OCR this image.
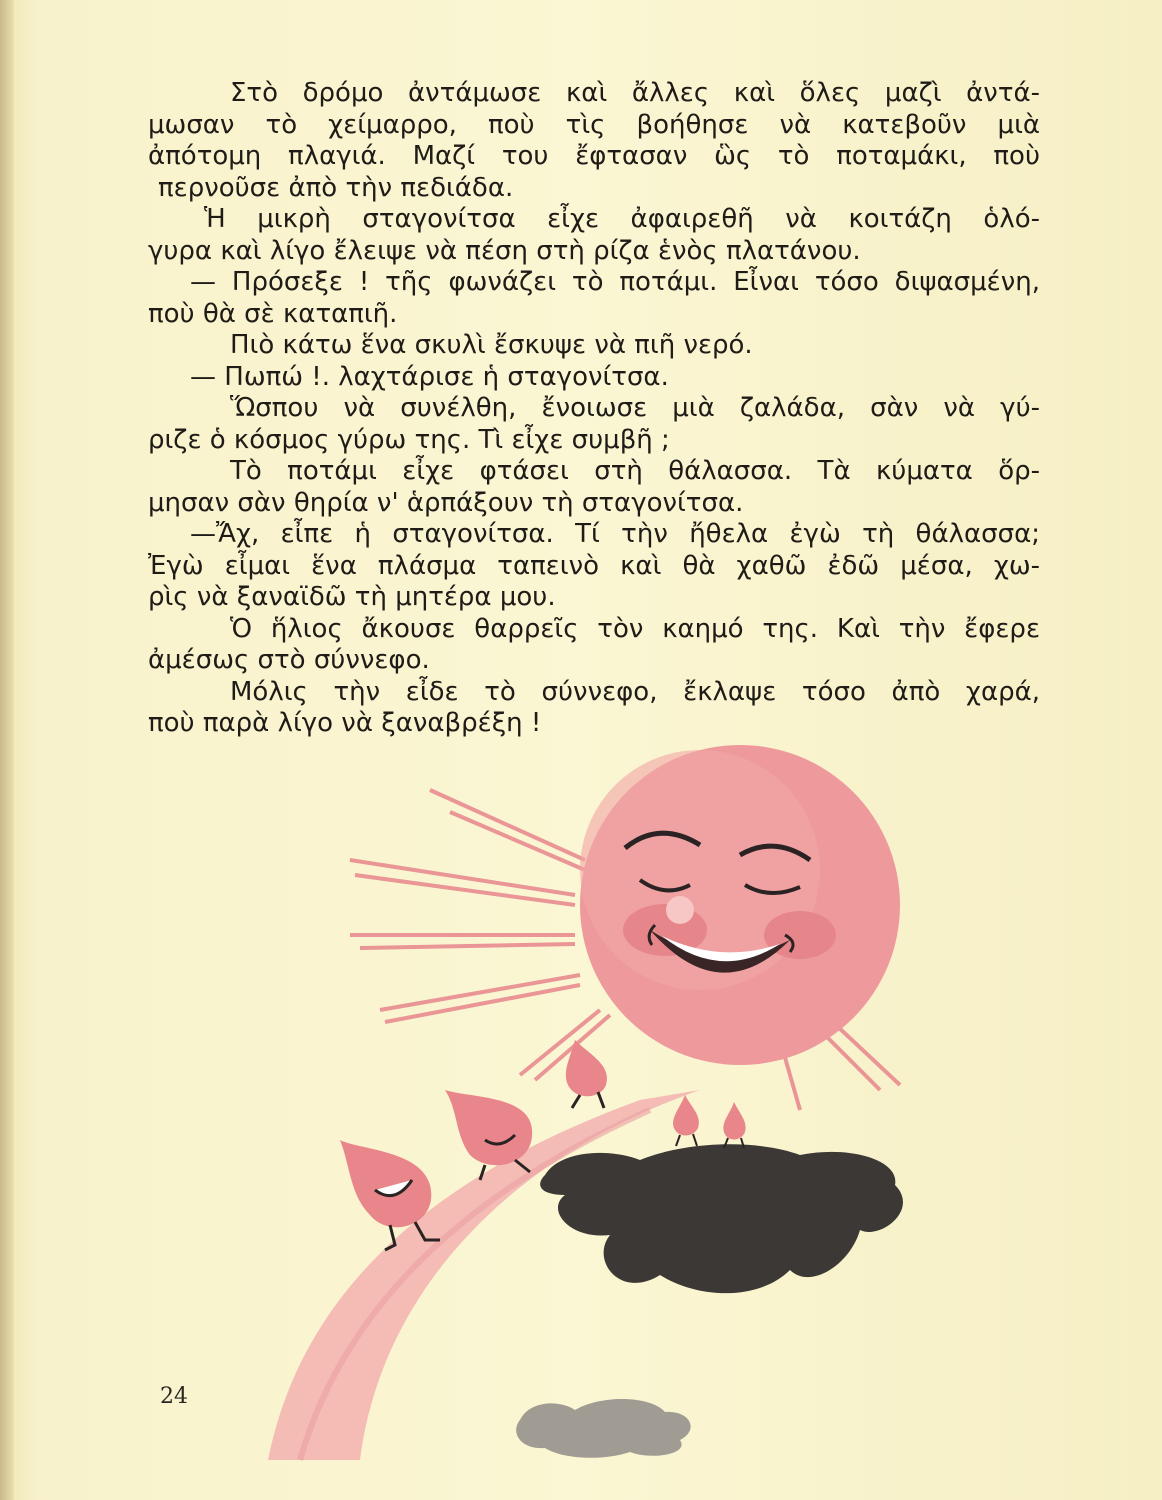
Στὸ δρόμο ἀντάμωσε καὶ ἄλλες καὶ ὅλες μαζὶ ἀντά-
μωσαν τὸ χείμαρρο, ποὺ τὶς βοήθησε νὰ κατεβοῦν μιὰ
ἀπότομη πλαγιά. Μαζί του ἔφτασαν ὣς τὸ ποταμάκι, ποὺ
περνοῦσε ἀπὸ τὴν πεδιάδα.
Ἡ μικρὴ σταγονίτσα εἶχε ἀφαιρεθῆ νὰ κοιτάζη ὁλό-
γυρα καὶ λίγο ἔλειψε νὰ πέση στὴ ρίζα ἑνὸς πλατάνου.
— Πρόσεξε ! τῆς φωνάζει τὸ ποτάμι. Εἶναι τόσο διψασμένη,
ποὺ θὰ σὲ καταπιῆ.
Πιὸ κάτω ἕνα σκυλὶ ἔσκυψε νὰ πιῆ νερό.
— Πωπώ !. λαχτάρισε ἡ σταγονίτσα.
Ὥσπου νὰ συνέλθη, ἔνοιωσε μιὰ ζαλάδα, σὰν νὰ γύ-
ριζε ὁ κόσμος γύρω της. Τὶ εἶχε συμβῆ ;
Τὸ ποτάμι εἶχε φτάσει στὴ θάλασσα. Τὰ κύματα ὅρ-
μησαν σὰν θηρία ν' ἁρπάξουν τὴ σταγονίτσα.
—Ἄχ, εἶπε ἡ σταγονίτσα. Τί τὴν ἤθελα ἐγὼ τὴ θάλασσα;
Ἐγὼ εἶμαι ἕνα πλάσμα ταπεινὸ καὶ θὰ χαθῶ ἐδῶ μέσα, χω-
ρὶς νὰ ξαναϊδῶ τὴ μητέρα μου.
Ὁ ἥλιος ἄκουσε θαρρεῖς τὸν καημό της. Καὶ τὴν ἔφερε
ἀμέσως στὸ σύννεφο.
Μόλις τὴν εἶδε τὸ σύννεφο, ἔκλαψε τόσο ἀπὸ χαρά,
ποὺ παρὰ λίγο νὰ ξαναβρέξη !
24
